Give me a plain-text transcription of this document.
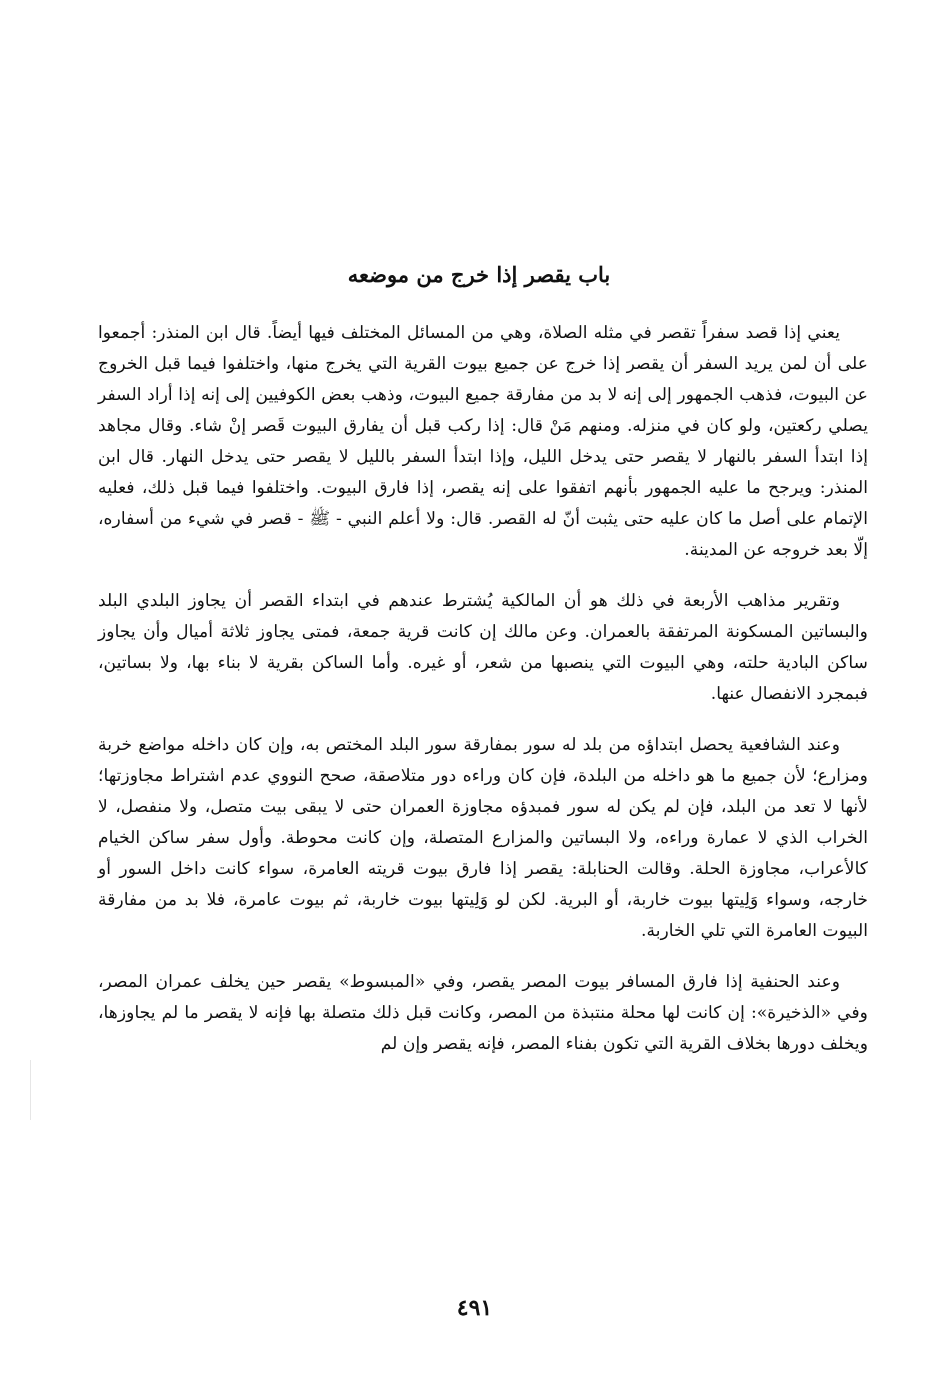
باب يقصر إذا خرج من موضعه

يعني إذا قصد سفراً تقصر في مثله الصلاة، وهي من المسائل المختلف فيها أيضاً. قال ابن المنذر: أجمعوا على أن لمن يريد السفر أن يقصر إذا خرج عن جميع بيوت القرية التي يخرج منها، واختلفوا فيما قبل الخروج عن البيوت، فذهب الجمهور إلى إنه لا بد من مفارقة جميع البيوت، وذهب بعض الكوفيين إلى إنه إذا أراد السفر يصلي ركعتين، ولو كان في منزله. ومنهم مَنْ قال: إذا ركب قبل أن يفارق البيوت قَصر إنْ شاء. وقال مجاهد إذا ابتدأ السفر بالنهار لا يقصر حتى يدخل الليل، وإذا ابتدأ السفر بالليل لا يقصر حتى يدخل النهار. قال ابن المنذر: ويرجح ما عليه الجمهور بأنهم اتفقوا على إنه يقصر، إذا فارق البيوت. واختلفوا فيما قبل ذلك، فعليه الإتمام على أصل ما كان عليه حتى يثبت أنّ له القصر. قال: ولا أعلم النبي - ﷺ - قصر في شيء من أسفاره، إلّا بعد خروجه عن المدينة.

وتقرير مذاهب الأربعة في ذلك هو أن المالكية يُشترط عندهم في ابتداء القصر أن يجاوز البلدي البلد والبساتين المسكونة المرتفقة بالعمران. وعن مالك إن كانت قرية جمعة، فمتى يجاوز ثلاثة أميال وأن يجاوز ساكن البادية حلته، وهي البيوت التي ينصبها من شعر، أو غيره. وأما الساكن بقرية لا بناء بها، ولا بساتين، فبمجرد الانفصال عنها.

وعند الشافعية يحصل ابتداؤه من بلد له سور بمفارقة سور البلد المختص به، وإن كان داخله مواضع خربة ومزارع؛ لأن جميع ما هو داخله من البلدة، فإن كان وراءه دور متلاصقة، صحح النووي عدم اشتراط مجاوزتها؛ لأنها لا تعد من البلد، فإن لم يكن له سور فمبدؤه مجاوزة العمران حتى لا يبقى بيت متصل، ولا منفصل، لا الخراب الذي لا عمارة وراءه، ولا البساتين والمزارع المتصلة، وإن كانت محوطة. وأول سفر ساكن الخيام كالأعراب، مجاوزة الحلة. وقالت الحنابلة: يقصر إذا فارق بيوت قريته العامرة، سواء كانت داخل السور أو خارجه، وسواء وَلِيتها بيوت خاربة، أو البرية. لكن لو وَلِيتها بيوت خاربة، ثم بيوت عامرة، فلا بد من مفارقة البيوت العامرة التي تلي الخاربة.

وعند الحنفية إذا فارق المسافر بيوت المصر يقصر، وفي «المبسوط» يقصر حين يخلف عمران المصر، وفي «الذخيرة»: إن كانت لها محلة منتبذة من المصر، وكانت قبل ذلك متصلة بها فإنه لا يقصر ما لم يجاوزها، ويخلف دورها بخلاف القرية التي تكون بفناء المصر، فإنه يقصر وإن لم

٤٩١
